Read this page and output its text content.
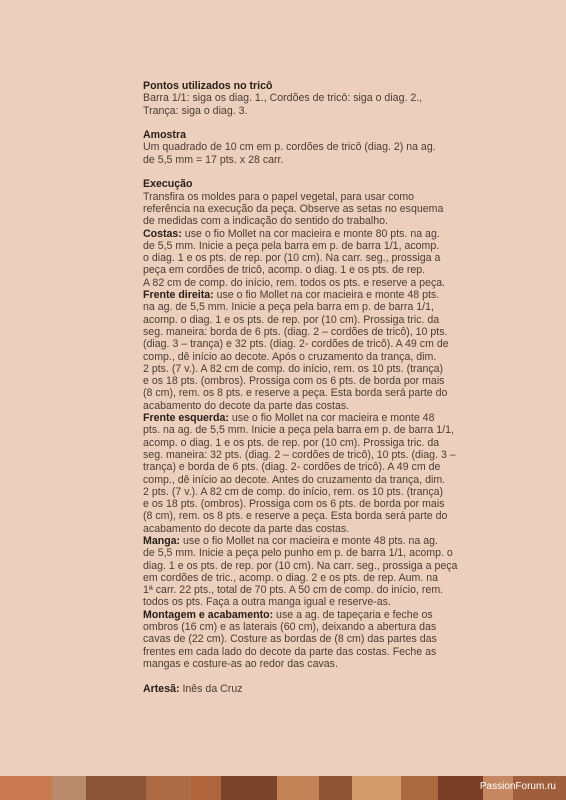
Pontos utilizados no tricô
Barra 1/1: siga os diag. 1., Cordões de tricô: siga o diag. 2.,
Trança: siga o diag. 3.
Amostra
Um quadrado de 10 cm em p. cordões de tricô (diag. 2) na ag.
de 5,5 mm = 17 pts. x 28 carr.
Execução
Transfira os moldes para o papel vegetal, para usar como
referência na execução da peça. Observe as setas no esquema
de medidas com a indicação do sentido do trabalho.
Costas: use o fio Mollet na cor macieira e monte 80 pts. na ag.
de 5,5 mm. Inicie a peça pela barra em p. de barra 1/1, acomp.
o diag. 1 e os pts. de rep. por (10 cm). Na carr. seg., prossiga a
peça em cordões de tricô, acomp. o diag. 1 e os pts. de rep.
A 82 cm de comp. do início, rem. todos os pts. e reserve a peça.
Frente direita: use o fio Mollet na cor macieira e monte 48 pts.
na ag. de 5,5 mm. Inicie a peça pela barra em p. de barra 1/1,
acomp. o diag. 1 e os pts. de rep. por (10 cm). Prossiga tric. da
seg. maneira: borda de 6 pts. (diag. 2 – cordões de tricô), 10 pts.
(diag. 3 – trança) e 32 pts. (diag. 2- cordões de tricô). A 49 cm de
comp., dê início ao decote. Após o cruzamento da trança, dim.
2 pts. (7 v.). A 82 cm de comp. do início, rem. os 10 pts. (trança)
e os 18 pts. (ombros). Prossiga com os 6 pts. de borda por mais
(8 cm), rem. os 8 pts. e reserve a peça. Esta borda será parte do
acabamento do decote da parte das costas.
Frente esquerda: use o fio Mollet na cor macieira e monte 48
pts. na ag. de 5,5 mm. Inicie a peça pela barra em p. de barra 1/1,
acomp. o diag. 1 e os pts. de rep. por (10 cm). Prossiga tric. da
seg. maneira: 32 pts. (diag. 2 – cordões de tricô), 10 pts. (diag. 3 –
trança) e borda de 6 pts. (diag. 2- cordões de tricô). A 49 cm de
comp., dê início ao decote. Antes do cruzamento da trança, dim.
2 pts. (7 v.). A 82 cm de comp. do início, rem. os 10 pts. (trança)
e os 18 pts. (ombros). Prossiga com os 6 pts. de borda por mais
(8 cm), rem. os 8 pts. e reserve a peça. Esta borda será parte do
acabamento do decote da parte das costas.
Manga: use o fio Mollet na cor macieira e monte 48 pts. na ag.
de 5,5 mm. Inicie a peça pelo punho em p. de barra 1/1, acomp. o
diag. 1 e os pts. de rep. por (10 cm). Na carr. seg., prossiga a peça
em cordões de tric., acomp. o diag. 2 e os pts. de rep. Aum. na
1ª carr. 22 pts., total de 70 pts. A 50 cm de comp. do início, rem.
todos os pts. Faça a outra manga igual e reserve-as.
Montagem e acabamento: use a ag. de tapeçaria e feche os
ombros (16 cm) e as laterais (60 cm), deixando a abertura das
cavas de (22 cm). Costure as bordas de (8 cm) das partes das
frentes em cada lado do decote da parte das costas. Feche as
mangas e costure-as ao redor das cavas.
Artesã: Inês da Cruz
PassionForum.ru
